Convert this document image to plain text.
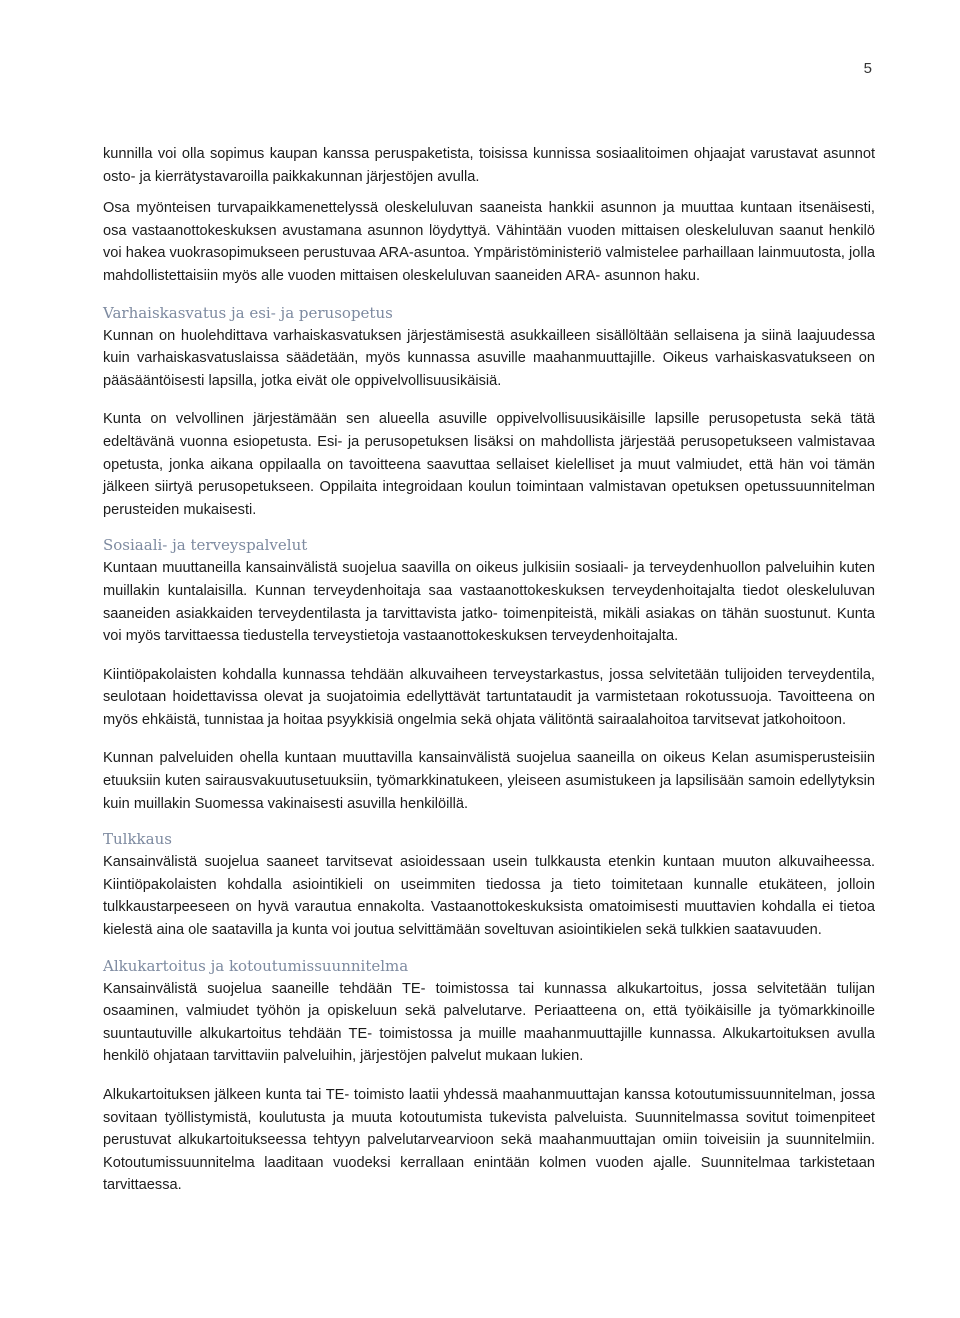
5

kunnilla voi olla sopimus kaupan kanssa peruspaketista, toisissa kunnissa sosiaalitoimen ohjaajat varustavat asunnot osto- ja kierrätystavaroilla paikkakunnan järjestöjen avulla.

Osa myönteisen turvapaikkamenettelyssä oleskeluluvan saaneista hankkii asunnon ja muuttaa kuntaan itsenäisesti, osa vastaanottokeskuksen avustamana asunnon löydyttyä. Vähintään vuoden mittaisen oleskeluluvan saanut henkilö voi hakea vuokrasopimukseen perustuvaa ARA-asuntoa. Ympäristöministeriö valmistelee parhaillaan lainmuutosta, jolla mahdollistettaisiin myös alle vuoden mittaisen oleskeluluvan saaneiden ARA- asunnon haku.

Varhaiskasvatus ja esi- ja perusopetus

Kunnan on huolehdittava varhaiskasvatuksen järjestämisestä asukkailleen sisällöltään sellaisena ja siinä laajuudessa kuin varhaiskasvatuslaissa säädetään, myös kunnassa asuville maahanmuuttajille. Oikeus varhaiskasvatukseen on pääsääntöisesti lapsilla, jotka eivät ole oppivelvollisuusikäisiä.

Kunta on velvollinen järjestämään sen alueella asuville oppivelvollisuusikäisille lapsille perusopetusta sekä tätä edeltävänä vuonna esiopetusta. Esi- ja perusopetuksen lisäksi on mahdollista järjestää perusopetukseen valmistavaa opetusta, jonka aikana oppilaalla on tavoitteena saavuttaa sellaiset kielelliset ja muut valmiudet, että hän voi tämän jälkeen siirtyä perusopetukseen. Oppilaita integroidaan koulun toimintaan valmistavan opetuksen opetussuunnitelman perusteiden mukaisesti.

Sosiaali- ja terveyspalvelut

Kuntaan muuttaneilla kansainvälistä suojelua saavilla on oikeus julkisiin sosiaali- ja terveydenhuollon palveluihin kuten muillakin kuntalaisilla. Kunnan terveydenhoitaja saa vastaanottokeskuksen terveydenhoitajalta tiedot oleskeluluvan saaneiden asiakkaiden terveydentilasta ja tarvittavista jatko- toimenpiteistä, mikäli asiakas on tähän suostunut. Kunta voi myös tarvittaessa tiedustella terveystietoja vastaanottokeskuksen terveydenhoitajalta.

Kiintiöpakolaisten kohdalla kunnassa tehdään alkuvaiheen terveystarkastus, jossa selvitetään tulijoiden terveydentila, seulotaan hoidettavissa olevat ja suojatoimia edellyttävät tartuntataudit ja varmistetaan rokotussuoja. Tavoitteena on myös ehkäistä, tunnistaa ja hoitaa psyykkisiä ongelmia sekä ohjata välitöntä sairaalahoitoa tarvitsevat jatkohoitoon.

Kunnan palveluiden ohella kuntaan muuttavilla kansainvälistä suojelua saaneilla on oikeus Kelan asumisperusteisiin etuuksiin kuten sairausvakuutusetuuksiin, työmarkkinatukeen, yleiseen asumistukeen ja lapsilisään samoin edellytyksin kuin muillakin Suomessa vakinaisesti asuvilla henkilöillä.

Tulkkaus

Kansainvälistä suojelua saaneet tarvitsevat asioidessaan usein tulkkausta etenkin kuntaan muuton alkuvaiheessa. Kiintiöpakolaisten kohdalla asiointikieli on useimmiten tiedossa ja tieto toimitetaan kunnalle etukäteen, jolloin tulkkaustarpeeseen on hyvä varautua ennakolta. Vastaanottokeskuksista omatoimisesti muuttavien kohdalla ei tietoa kielestä aina ole saatavilla ja kunta voi joutua selvittämään soveltuvan asiointikielen sekä tulkkien saatavuuden.

Alkukartoitus ja kotoutumissuunnitelma

Kansainvälistä suojelua saaneille tehdään TE- toimistossa tai kunnassa alkukartoitus, jossa selvitetään tulijan osaaminen, valmiudet työhön ja opiskeluun sekä palvelutarve. Periaatteena on, että työikäisille ja työmarkkinoille suuntautuville alkukartoitus tehdään TE- toimistossa ja muille maahanmuuttajille kunnassa. Alkukartoituksen avulla henkilö ohjataan tarvittaviin palveluihin, järjestöjen palvelut mukaan lukien.

Alkukartoituksen jälkeen kunta tai TE- toimisto laatii yhdessä maahanmuuttajan kanssa kotoutumissuunnitelman, jossa sovitaan työllistymistä, koulutusta ja muuta kotoutumista tukevista palveluista. Suunnitelmassa sovitut toimenpiteet perustuvat alkukartoitukseessa tehtyyn palvelutarvearvioon sekä maahanmuuttajan omiin toiveisiin ja suunnitelmiin. Kotoutumissuunnitelma laaditaan vuodeksi kerrallaan enintään kolmen vuoden ajalle. Suunnitelmaa tarkistetaan tarvittaessa.
